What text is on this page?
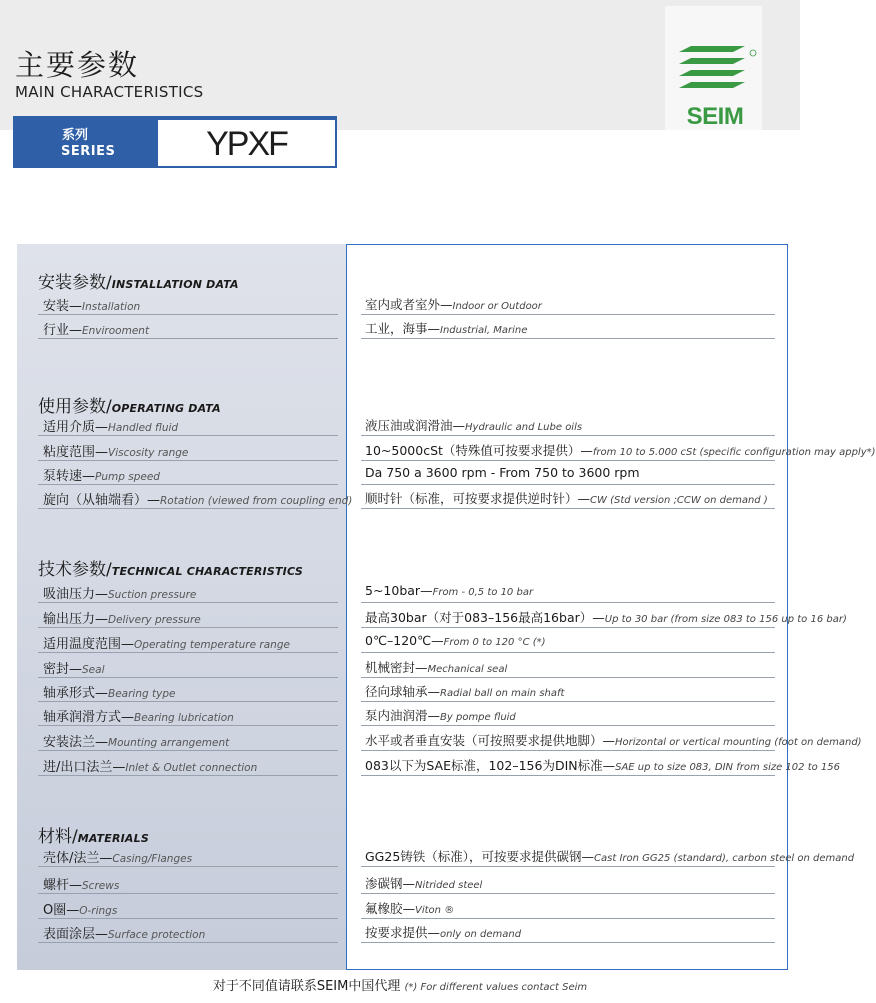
SEIM
主要参数
MAIN CHARACTERISTICS
系列
SERIES	YPXF
安装参数/INSTALLATION DATA
安装—Installation	室内或者室外—Indoor or Outdoor
行业—Envirooment	工业，海事—Industrial, Marine
使用参数/OPERATING DATA
适用介质—Handled fluid	液压油或润滑油—Hydraulic and Lube oils
粘度范围—Viscosity range	10~5000cSt（特殊值可按要求提供）—from 10 to 5.000 cSt (specific configuration may apply*)
泵转速—Pump speed	Da 750 a 3600 rpm - From 750 to 3600 rpm
旋向（从轴端看）—Rotation (viewed from coupling end) 顺时针（标准，可按要求提供逆时针）—CW (Std version ;CCW on demand )
技术参数/TECHNICAL CHARACTERISTICS
吸油压力—Suction pressure	5~10bar—From - 0,5 to 10 bar
输出压力—Delivery pressure	最高30bar（对于083–156最高16bar）—Up to 30 bar (from size 083 to 156 up to 16 bar)
适用温度范围—Operating temperature range	0℃–120℃—From 0 to 120 °C (*)
密封—Seal	机械密封—Mechanical seal
轴承形式—Bearing type	径向球轴承—Radial ball on main shaft
轴承润滑方式—Bearing lubrication	泵内油润滑—By pompe fluid
安装法兰—Mounting arrangement	水平或者垂直安装（可按照要求提供地脚）—Horizontal or vertical mounting (foot on demand)
进/出口法兰—Inlet & Outlet connection	083以下为SAE标准，102–156为DIN标准—SAE up to size 083, DIN from size 102 to 156
材料/MATERIALS
壳体/法兰—Casing/Flanges	GG25铸铁（标准），可按要求提供碳钢—Cast Iron GG25 (standard), carbon steel on demand
螺杆—Screws	渗碳钢—Nitrided steel
O圈—O-rings	氟橡胶—Viton ®
表面涂层—Surface protection	按要求提供—only on demand
对于不同值请联系SEIM中国代理 (*) For different values contact Seim
